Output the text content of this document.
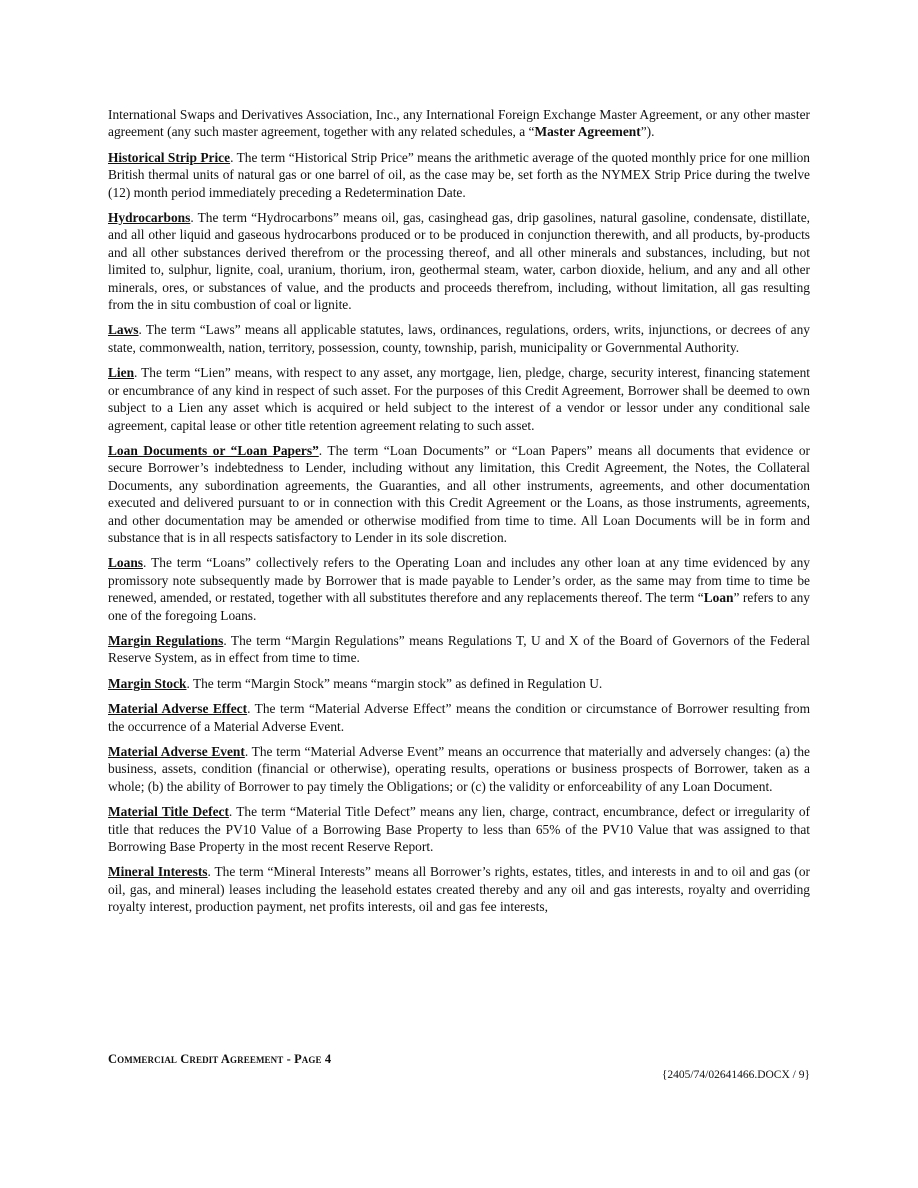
International Swaps and Derivatives Association, Inc., any International Foreign Exchange Master Agreement, or any other master agreement (any such master agreement, together with any related schedules, a “Master Agreement”).

Historical Strip Price. The term “Historical Strip Price” means the arithmetic average of the quoted monthly price for one million British thermal units of natural gas or one barrel of oil, as the case may be, set forth as the NYMEX Strip Price during the twelve (12) month period immediately preceding a Redetermination Date.

Hydrocarbons. The term “Hydrocarbons” means oil, gas, casinghead gas, drip gasolines, natural gasoline, condensate, distillate, and all other liquid and gaseous hydrocarbons produced or to be produced in conjunction therewith, and all products, by-products and all other substances derived therefrom or the processing thereof, and all other minerals and substances, including, but not limited to, sulphur, lignite, coal, uranium, thorium, iron, geothermal steam, water, carbon dioxide, helium, and any and all other minerals, ores, or substances of value, and the products and proceeds therefrom, including, without limitation, all gas resulting from the in situ combustion of coal or lignite.

Laws. The term “Laws” means all applicable statutes, laws, ordinances, regulations, orders, writs, injunctions, or decrees of any state, commonwealth, nation, territory, possession, county, township, parish, municipality or Governmental Authority.

Lien. The term “Lien” means, with respect to any asset, any mortgage, lien, pledge, charge, security interest, financing statement or encumbrance of any kind in respect of such asset. For the purposes of this Credit Agreement, Borrower shall be deemed to own subject to a Lien any asset which is acquired or held subject to the interest of a vendor or lessor under any conditional sale agreement, capital lease or other title retention agreement relating to such asset.

Loan Documents or “Loan Papers”. The term “Loan Documents” or “Loan Papers” means all documents that evidence or secure Borrower’s indebtedness to Lender, including without any limitation, this Credit Agreement, the Notes, the Collateral Documents, any subordination agreements, the Guaranties, and all other instruments, agreements, and other documentation executed and delivered pursuant to or in connection with this Credit Agreement or the Loans, as those instruments, agreements, and other documentation may be amended or otherwise modified from time to time. All Loan Documents will be in form and substance that is in all respects satisfactory to Lender in its sole discretion.

Loans. The term “Loans” collectively refers to the Operating Loan and includes any other loan at any time evidenced by any promissory note subsequently made by Borrower that is made payable to Lender’s order, as the same may from time to time be renewed, amended, or restated, together with all substitutes therefore and any replacements thereof. The term “Loan” refers to any one of the foregoing Loans.

Margin Regulations. The term “Margin Regulations” means Regulations T, U and X of the Board of Governors of the Federal Reserve System, as in effect from time to time.

Margin Stock. The term “Margin Stock” means “margin stock” as defined in Regulation U.

Material Adverse Effect. The term “Material Adverse Effect” means the condition or circumstance of Borrower resulting from the occurrence of a Material Adverse Event.

Material Adverse Event. The term “Material Adverse Event” means an occurrence that materially and adversely changes: (a) the business, assets, condition (financial or otherwise), operating results, operations or business prospects of Borrower, taken as a whole; (b) the ability of Borrower to pay timely the Obligations; or (c) the validity or enforceability of any Loan Document.

Material Title Defect. The term “Material Title Defect” means any lien, charge, contract, encumbrance, defect or irregularity of title that reduces the PV10 Value of a Borrowing Base Property to less than 65% of the PV10 Value that was assigned to that Borrowing Base Property in the most recent Reserve Report.

Mineral Interests. The term “Mineral Interests” means all Borrower’s rights, estates, titles, and interests in and to oil and gas (or oil, gas, and mineral) leases including the leasehold estates created thereby and any oil and gas interests, royalty and overriding royalty interest, production payment, net profits interests, oil and gas fee interests,

Commercial Credit Agreement - Page 4
{2405/74/02641466.DOCX / 9}
